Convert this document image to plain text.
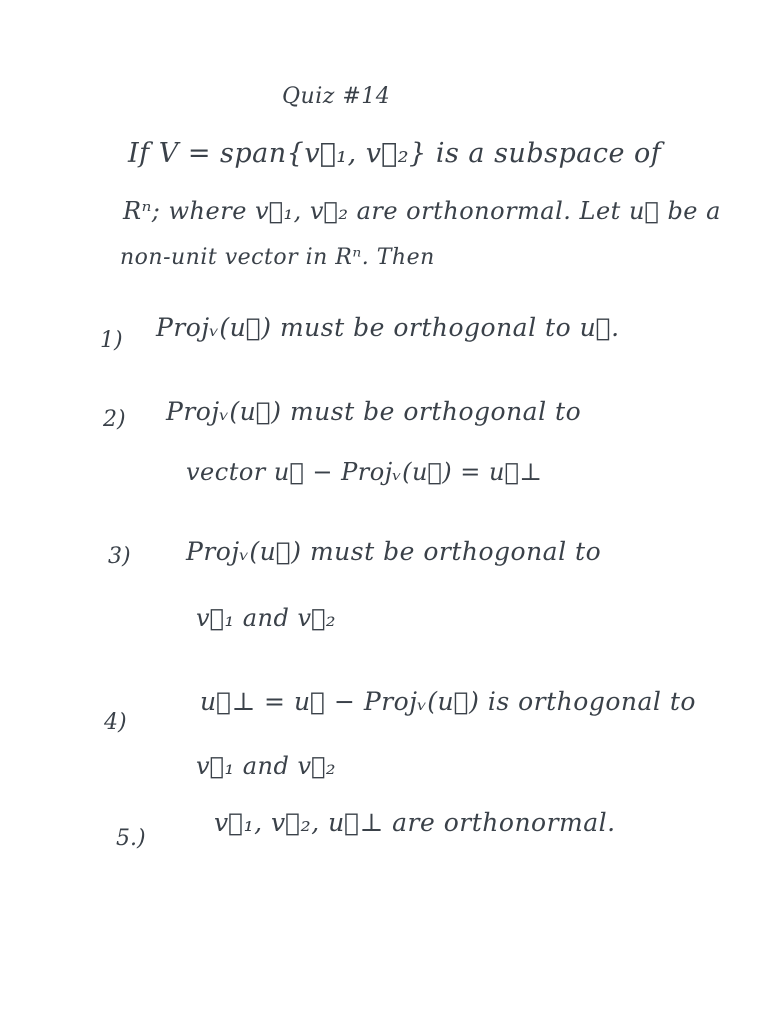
Quiz #14
If V = span{v⃗₁, v⃗₂} is a subspace of
Rⁿ; where v⃗₁, v⃗₂ are orthonormal. Let u⃗ be a
non-unit vector in Rⁿ. Then
1) Projᵥ(u⃗) must be orthogonal to u⃗.
2) Projᵥ(u⃗) must be orthogonal to
vector u⃗ − Projᵥ(u⃗) = u⃗⊥
3) Projᵥ(u⃗) must be orthogonal to
v⃗₁ and v⃗₂
4)
u⃗⊥ = u⃗ − Projᵥ(u⃗) is orthogonal to
v⃗₁ and v⃗₂
5.)
v⃗₁, v⃗₂, u⃗⊥ are orthonormal.
